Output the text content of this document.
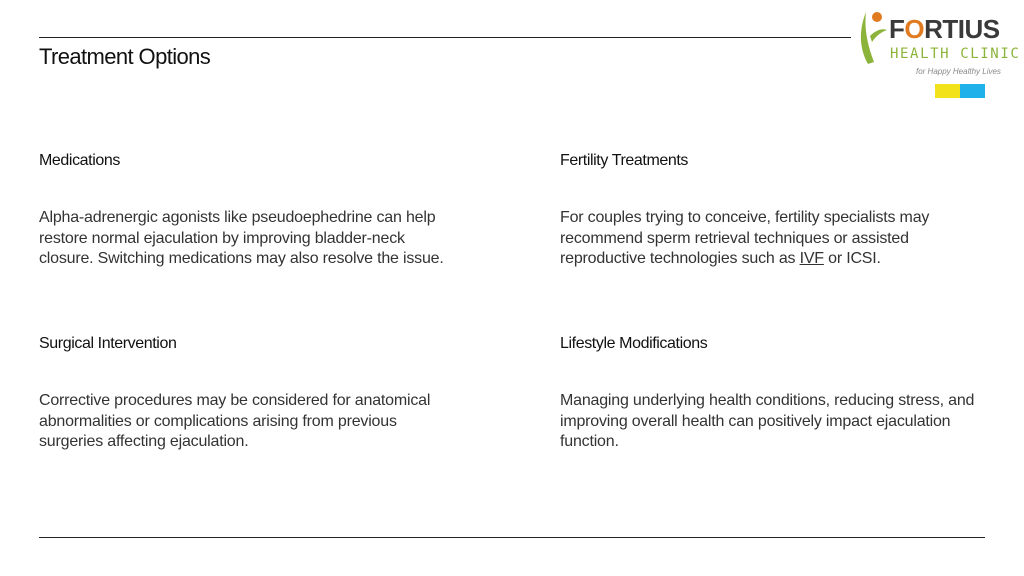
Treatment Options
FORTIUS
HEALTH CLINIC
for Happy Healthy Lives
Medications

Alpha-adrenergic agonists like pseudoephedrine can help restore normal ejaculation by improving bladder-neck closure. Switching medications may also resolve the issue.

Fertility Treatments

For couples trying to conceive, fertility specialists may recommend sperm retrieval techniques or assisted reproductive technologies such as IVF or ICSI.

Surgical Intervention

Corrective procedures may be considered for anatomical abnormalities or complications arising from previous surgeries affecting ejaculation.

Lifestyle Modifications

Managing underlying health conditions, reducing stress, and improving overall health can positively impact ejaculation function.
